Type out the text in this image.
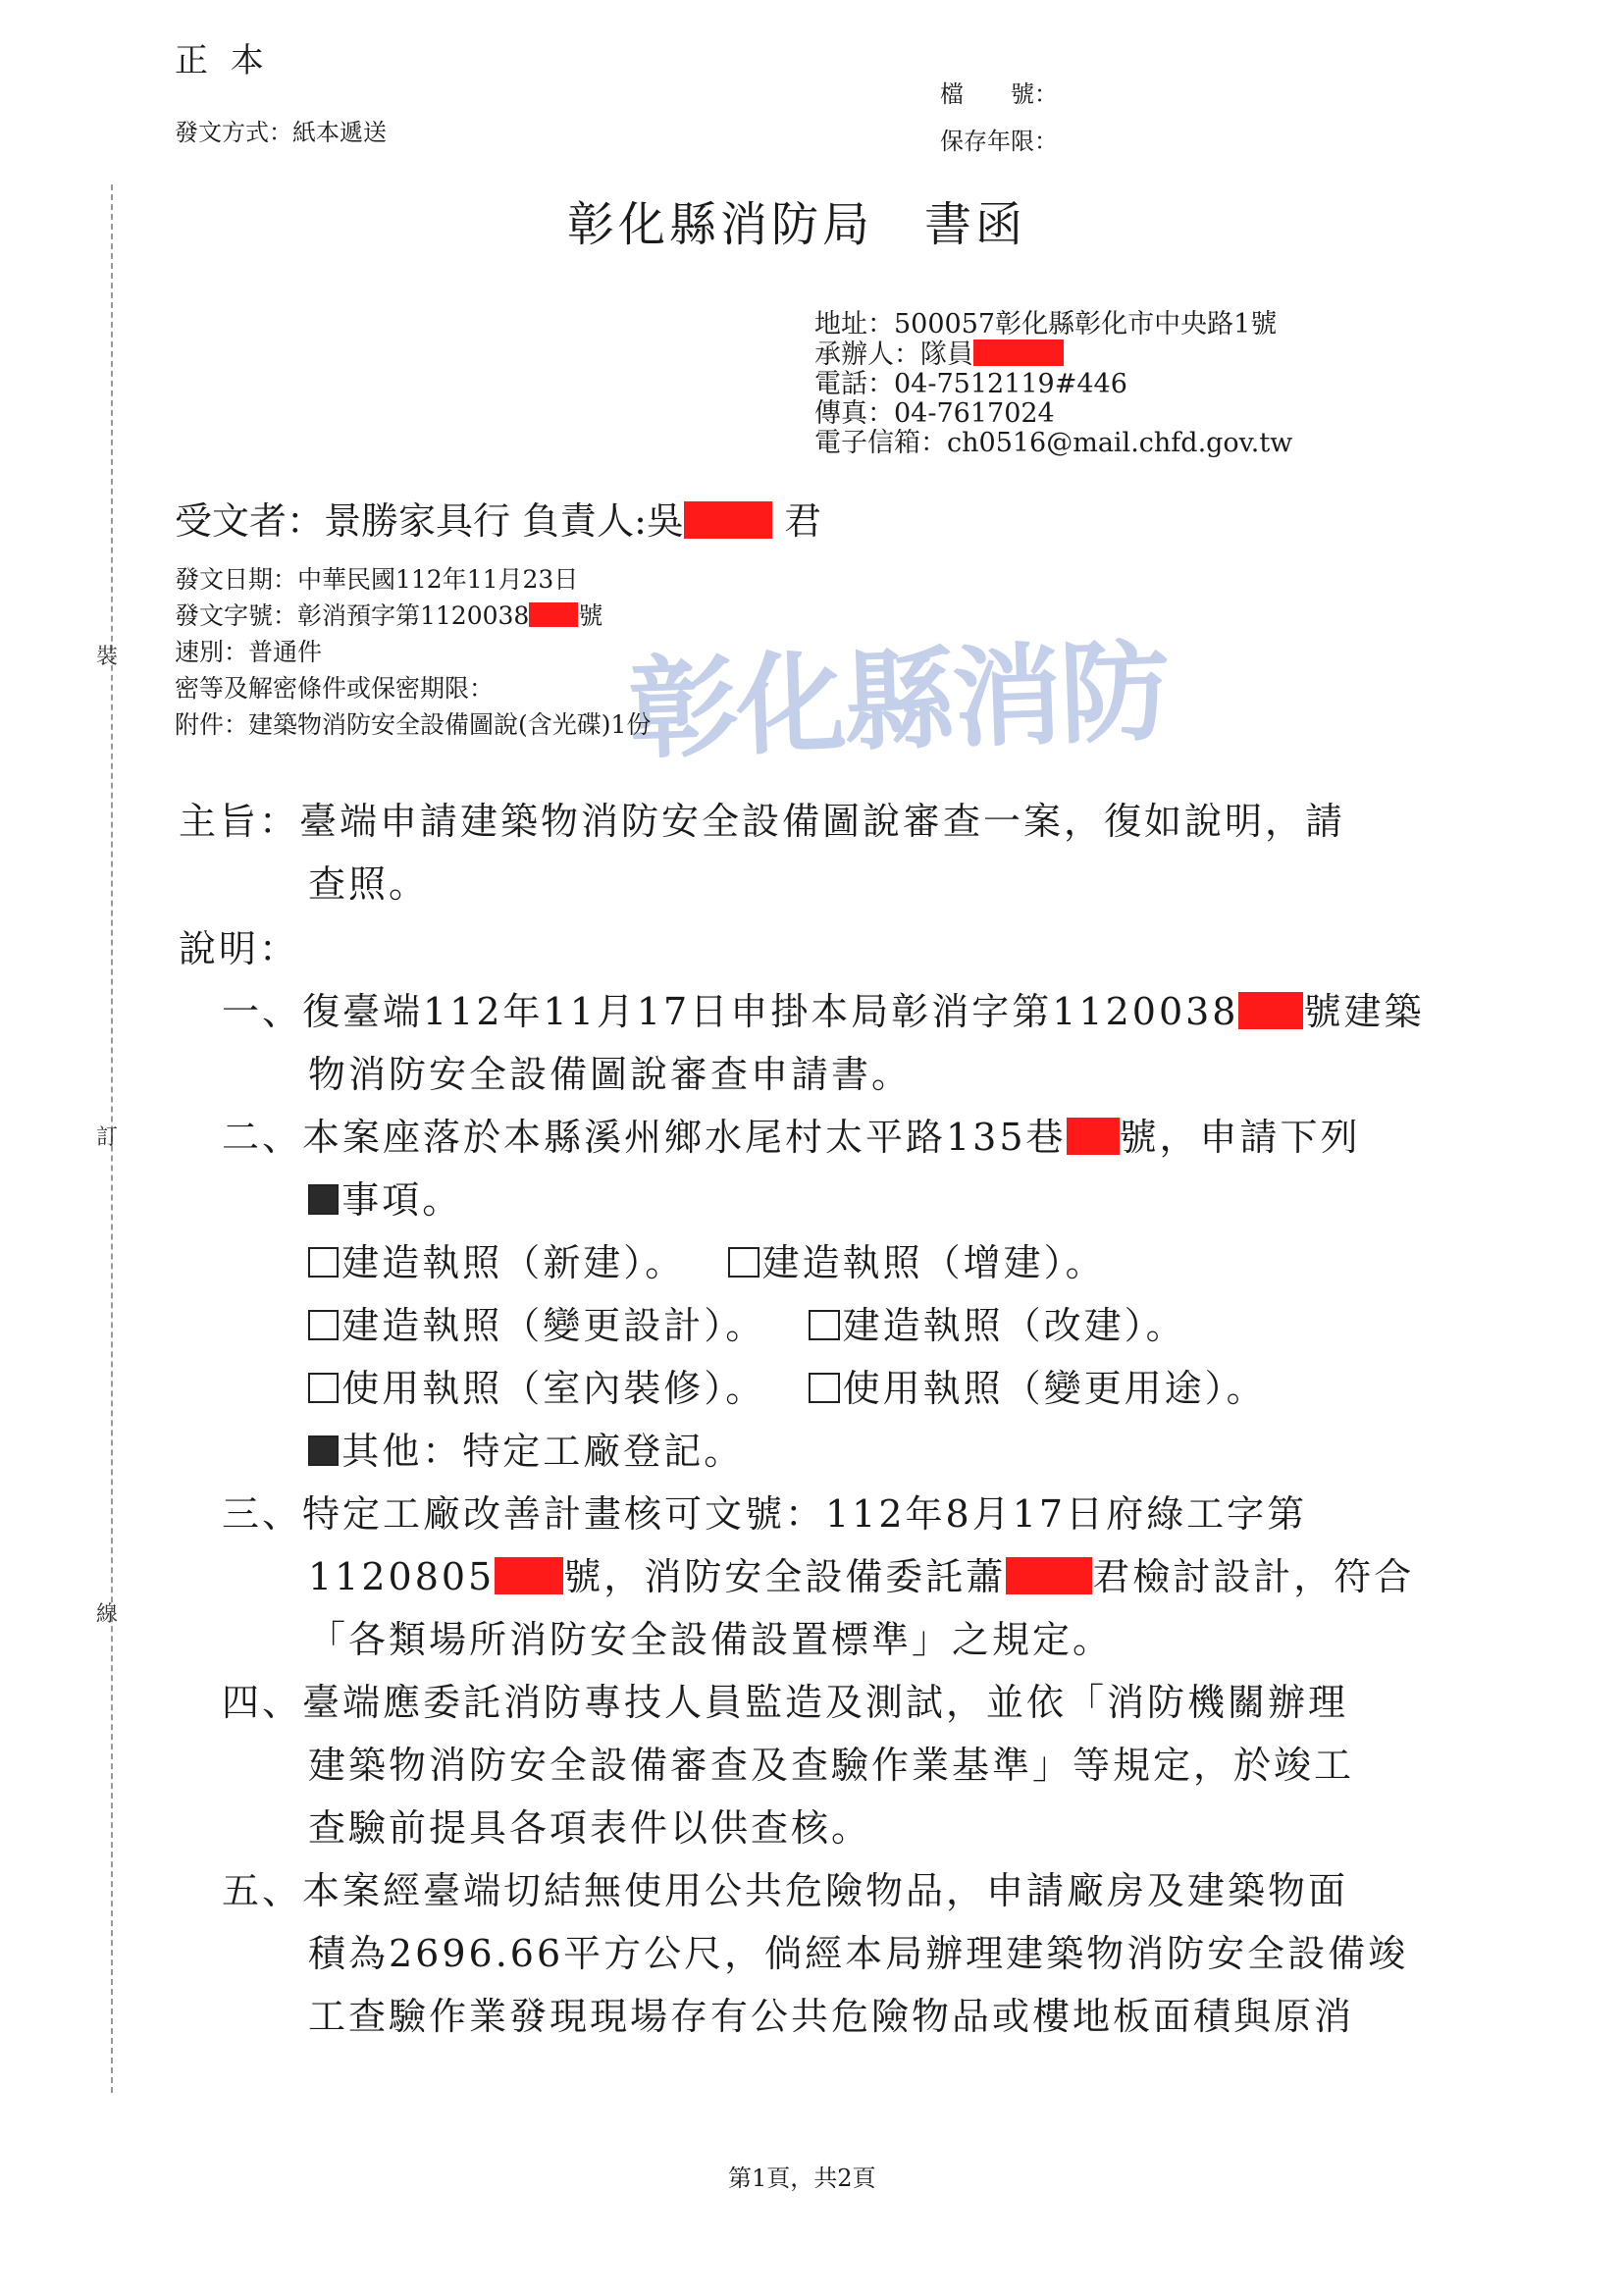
正 本
檔　　號：
發文方式：紙本遞送	保存年限：
裝
訂
線
彰化縣消防局　書函
地址：500057彰化縣彰化市中央路1號
承辦人：隊員
電話：04-7512119#446
傳真：04-7617024
電子信箱：ch0516@mail.chfd.gov.tw
受文者：景勝家具行 負責人:吳	君
彰化縣消防
發文日期：中華民國112年11月23日
發文字號：彰消預字第1120038 號
速別：普通件
密等及解密條件或保密期限：
附件：建築物消防安全設備圖說(含光碟)1份
主旨：臺端申請建築物消防安全設備圖說審查一案，復如說明，請
查照。
說明：
一、復臺端112年11月17日申掛本局彰消字第1120038 號建築
物消防安全設備圖說審查申請書。
二、本案座落於本縣溪州鄉水尾村太平路135巷 號，申請下列
事項。
建造執照（新建）。 建造執照（增建）。
建造執照（變更設計）。 建造執照（改建）。
使用執照（室內裝修）。 使用執照（變更用途）。
其他：特定工廠登記。
三、特定工廠改善計畫核可文號：112年8月17日府綠工字第
1120805 號，消防安全設備委託蕭 君檢討設計，符合
「各類場所消防安全設備設置標準」之規定。
四、臺端應委託消防專技人員監造及測試，並依「消防機關辦理
建築物消防安全設備審查及查驗作業基準」等規定，於竣工
查驗前提具各項表件以供查核。
五、本案經臺端切結無使用公共危險物品，申請廠房及建築物面
積為2696.66平方公尺，倘經本局辦理建築物消防安全設備竣
工查驗作業發現現場存有公共危險物品或樓地板面積與原消
第1頁，共2頁
